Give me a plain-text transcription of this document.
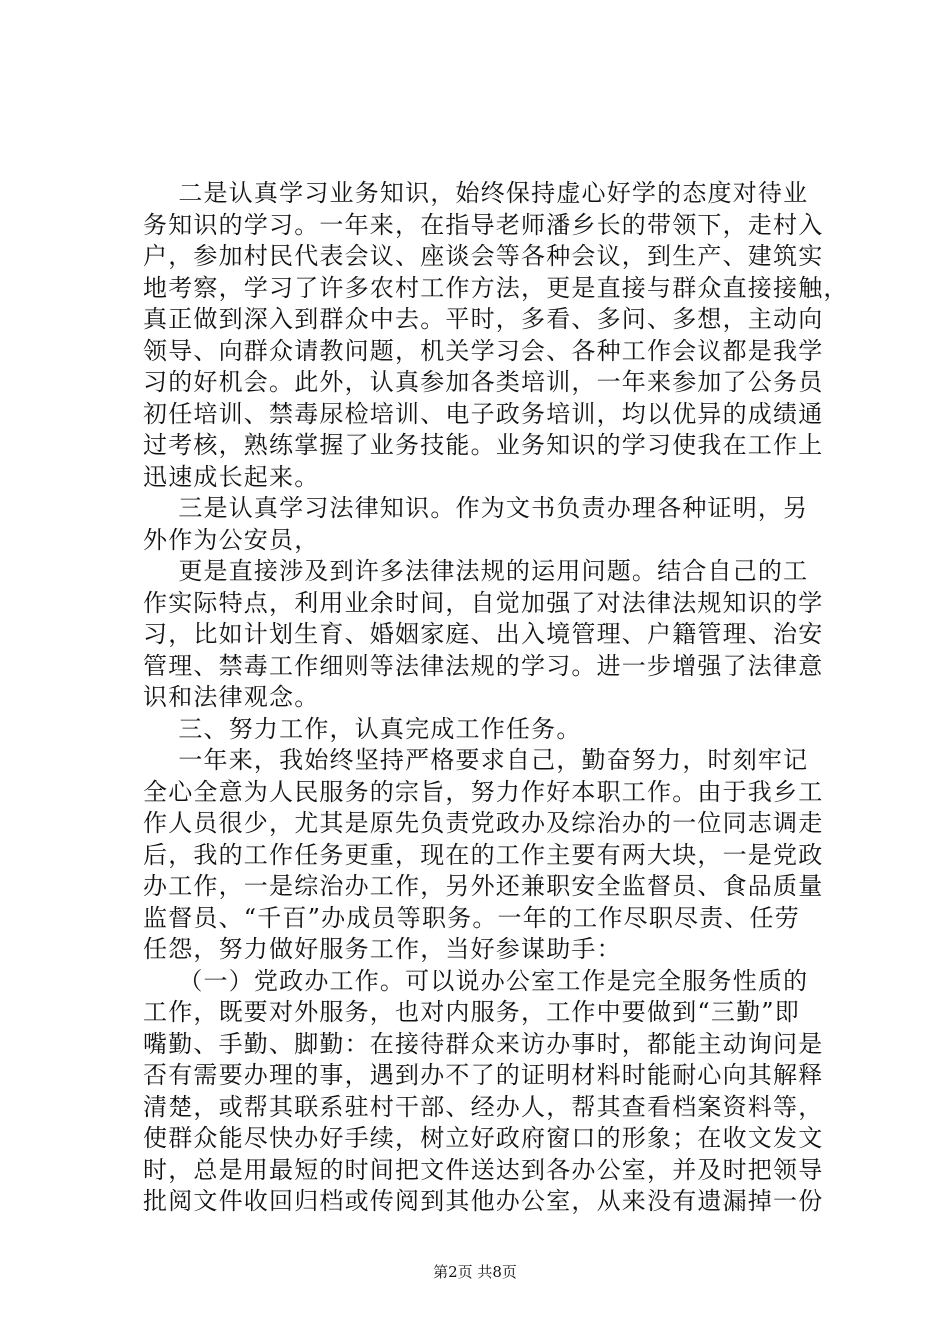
二是认真学习业务知识，始终保持虚心好学的态度对待业
务知识的学习。一年来，在指导老师潘乡长的带领下，走村入
户，参加村民代表会议、座谈会等各种会议，到生产、建筑实
地考察，学习了许多农村工作方法，更是直接与群众直接接触，
真正做到深入到群众中去。平时，多看、多问、多想，主动向
领导、向群众请教问题，机关学习会、各种工作会议都是我学
习的好机会。此外，认真参加各类培训，一年来参加了公务员
初任培训、禁毒尿检培训、电子政务培训，均以优异的成绩通
过考核，熟练掌握了业务技能。业务知识的学习使我在工作上
迅速成长起来。
三是认真学习法律知识。作为文书负责办理各种证明，另
外作为公安员，
更是直接涉及到许多法律法规的运用问题。结合自己的工
作实际特点，利用业余时间，自觉加强了对法律法规知识的学
习，比如计划生育、婚姻家庭、出入境管理、户籍管理、治安
管理、禁毒工作细则等法律法规的学习。进一步增强了法律意
识和法律观念。
三、努力工作，认真完成工作任务。
一年来，我始终坚持严格要求自己，勤奋努力，时刻牢记
全心全意为人民服务的宗旨，努力作好本职工作。由于我乡工
作人员很少，尤其是原先负责党政办及综治办的一位同志调走
后，我的工作任务更重，现在的工作主要有两大块，一是党政
办工作，一是综治办工作，另外还兼职安全监督员、食品质量
监督员、“千百”办成员等职务。一年的工作尽职尽责、任劳
任怨，努力做好服务工作，当好参谋助手：
（一）党政办工作。可以说办公室工作是完全服务性质的
工作，既要对外服务，也对内服务，工作中要做到“三勤”即
嘴勤、手勤、脚勤：在接待群众来访办事时，都能主动询问是
否有需要办理的事，遇到办不了的证明材料时能耐心向其解释
清楚，或帮其联系驻村干部、经办人，帮其查看档案资料等，
使群众能尽快办好手续，树立好政府窗口的形象；在收文发文
时，总是用最短的时间把文件送达到各办公室，并及时把领导
批阅文件收回归档或传阅到其他办公室，从来没有遗漏掉一份
第2页 共8页
